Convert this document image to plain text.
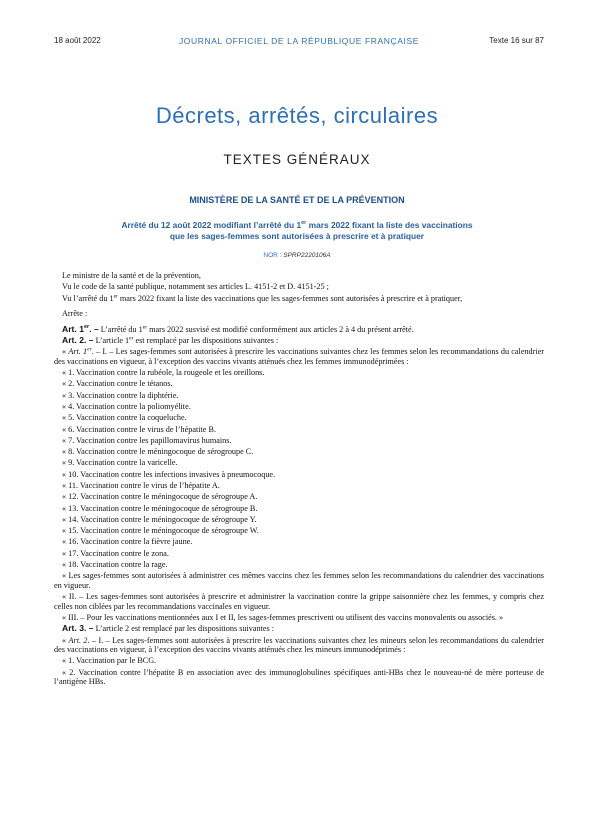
18 août 2022	JOURNAL OFFICIEL DE LA RÉPUBLIQUE FRANÇAISE	Texte 16 sur 87
Décrets, arrêtés, circulaires
TEXTES GÉNÉRAUX
MINISTÈRE DE LA SANTÉ ET DE LA PRÉVENTION
Arrêté du 12 août 2022 modifiant l’arrêté du 1er mars 2022 fixant la liste des vaccinations
que les sages-femmes sont autorisées à prescrire et à pratiquer
NOR : SPRP2220106A

Le ministre de la santé et de la prévention,

Vu le code de la santé publique, notamment ses articles L. 4151-2 et D. 4151-25 ;

Vu l’arrêté du 1er mars 2022 fixant la liste des vaccinations que les sages-femmes sont autorisées à prescrire et à pratiquer,

Arrête :

Art. 1er. – L’arrêté du 1er mars 2022 susvisé est modifié conformément aux articles 2 à 4 du présent arrêté.

Art. 2. – L’article 1er est remplacé par les dispositions suivantes :

« Art. 1er. – I. – Les sages-femmes sont autorisées à prescrire les vaccinations suivantes chez les femmes selon les recommandations du calendrier des vaccinations en vigueur, à l’exception des vaccins vivants atténués chez les femmes immunodéprimées :

« 1. Vaccination contre la rubéole, la rougeole et les oreillons.

« 2. Vaccination contre le tétanos.

« 3. Vaccination contre la diphtérie.

« 4. Vaccination contre la poliomyélite.

« 5. Vaccination contre la coqueluche.

« 6. Vaccination contre le virus de l’hépatite B.

« 7. Vaccination contre les papillomavirus humains.

« 8. Vaccination contre le méningocoque de sérogroupe C.

« 9. Vaccination contre la varicelle.

« 10. Vaccination contre les infections invasives à pneumocoque.

« 11. Vaccination contre le virus de l’hépatite A.

« 12. Vaccination contre le méningocoque de sérogroupe A.

« 13. Vaccination contre le méningocoque de sérogroupe B.

« 14. Vaccination contre le méningocoque de sérogroupe Y.

« 15. Vaccination contre le méningocoque de sérogroupe W.

« 16. Vaccination contre la fièvre jaune.

« 17. Vaccination contre le zona.

« 18. Vaccination contre la rage.

« Les sages-femmes sont autorisées à administrer ces mêmes vaccins chez les femmes selon les recommandations du calendrier des vaccinations en vigueur.

« II. – Les sages-femmes sont autorisées à prescrire et administrer la vaccination contre la grippe saisonnière chez les femmes, y compris chez celles non ciblées par les recommandations vaccinales en vigueur.

« III. – Pour les vaccinations mentionnées aux I et II, les sages-femmes prescrivent ou utilisent des vaccins monovalents ou associés. »

Art. 3. – L’article 2 est remplacé par les dispositions suivantes :

« Art. 2. – I. – Les sages-femmes sont autorisées à prescrire les vaccinations suivantes chez les mineurs selon les recommandations du calendrier des vaccinations en vigueur, à l’exception des vaccins vivants atténués chez les mineurs immunodéprimés :

« 1. Vaccination par le BCG.

« 2. Vaccination contre l’hépatite B en association avec des immunoglobulines spécifiques anti-HBs chez le nouveau-né de mère porteuse de l’antigène HBs.
